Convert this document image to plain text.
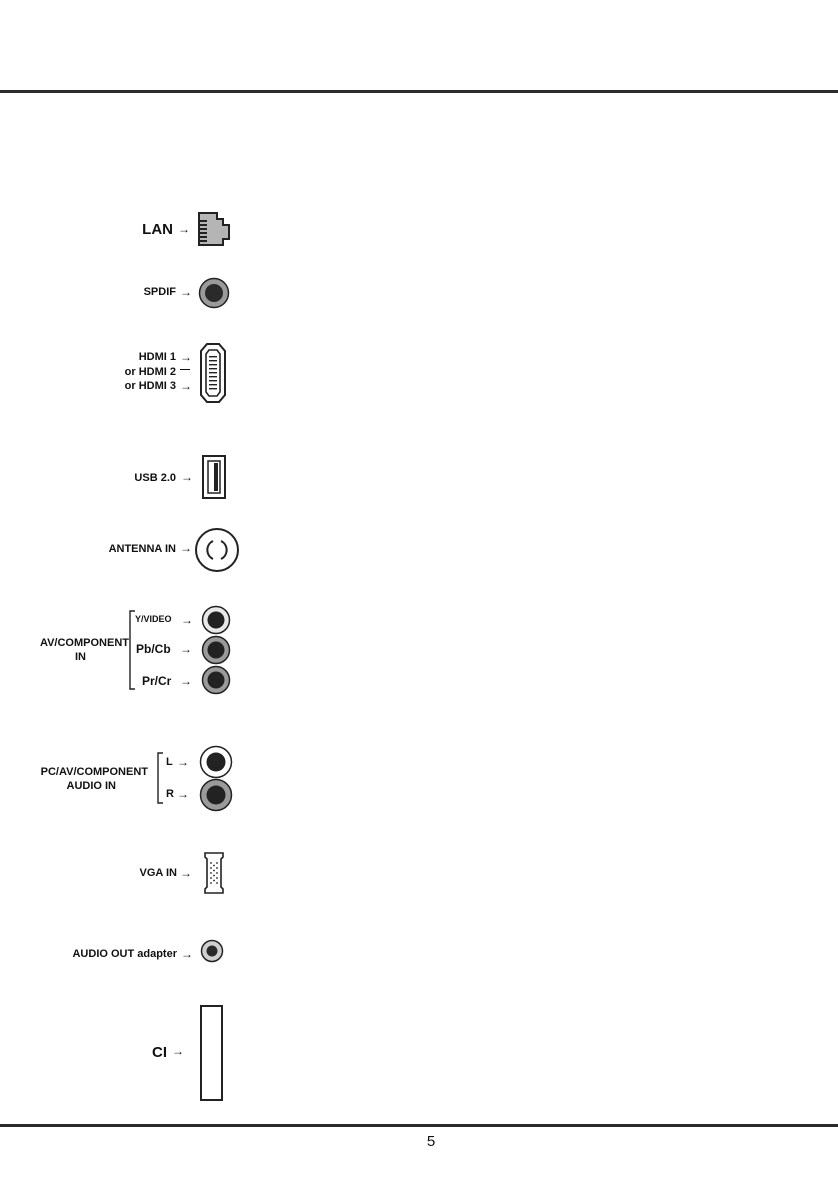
LAN →
SPDIF →
HDMI 1 →
or HDMI 2 —
or HDMI 3 →
USB 2.0 →
ANTENNA IN →
AV/COMPONENT
IN
Y/VIDEO →
Pb/Cb →
Pr/Cr →
PC/AV/COMPONENT
AUDIO IN
L →
R →
VGA IN →
AUDIO OUT adapter →
CI →
5
